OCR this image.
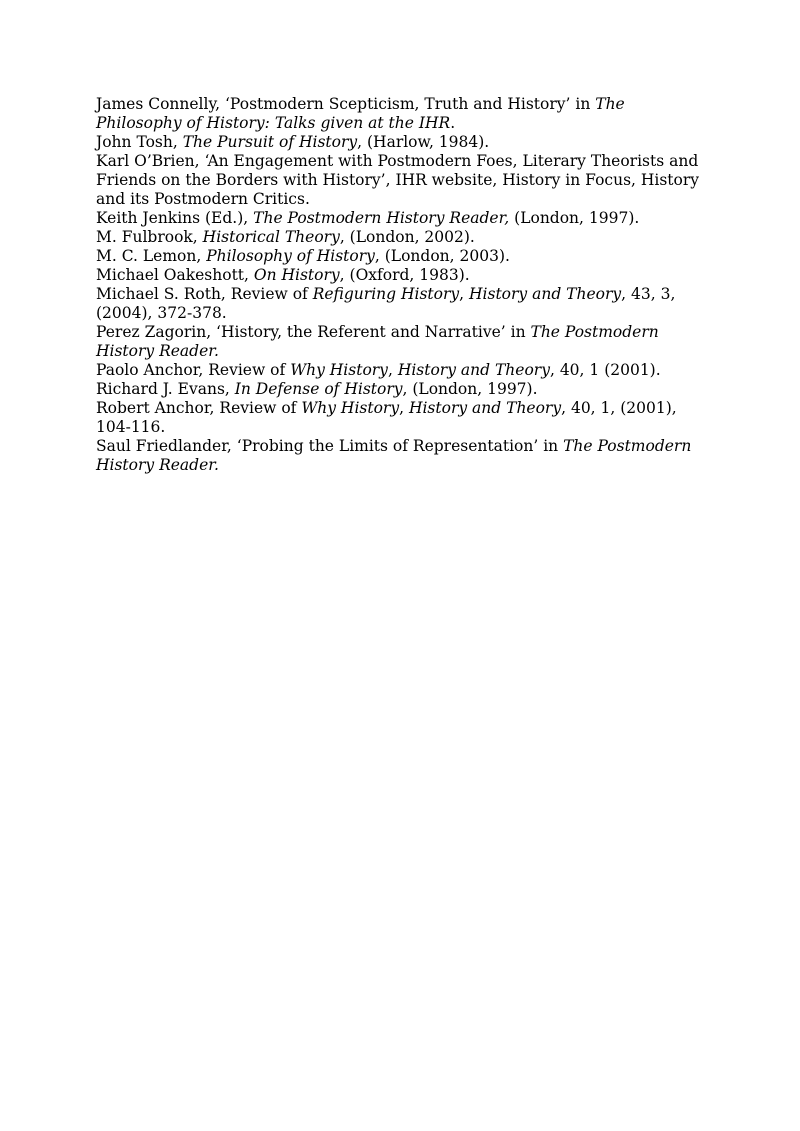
James Connelly, ‘Postmodern Scepticism, Truth and History’ in The Philosophy of History: Talks given at the IHR.

John Tosh, The Pursuit of History, (Harlow, 1984).

Karl O’Brien, ‘An Engagement with Postmodern Foes, Literary Theorists and Friends on the Borders with History’, IHR website, History in Focus, History and its Postmodern Critics.

Keith Jenkins (Ed.), The Postmodern History Reader, (London, 1997).

M. Fulbrook, Historical Theory, (London, 2002).

M. C. Lemon, Philosophy of History, (London, 2003).

Michael Oakeshott, On History, (Oxford, 1983).

Michael S. Roth, Review of Refiguring History, History and Theory, 43, 3, (2004), 372-378.

Perez Zagorin, ‘History, the Referent and Narrative’ in The Postmodern History Reader.

Paolo Anchor, Review of Why History, History and Theory, 40, 1 (2001).

Richard J. Evans, In Defense of History, (London, 1997).

Robert Anchor, Review of Why History, History and Theory, 40, 1, (2001), 104-116.

Saul Friedlander, ‘Probing the Limits of Representation’ in The Postmodern History Reader.
